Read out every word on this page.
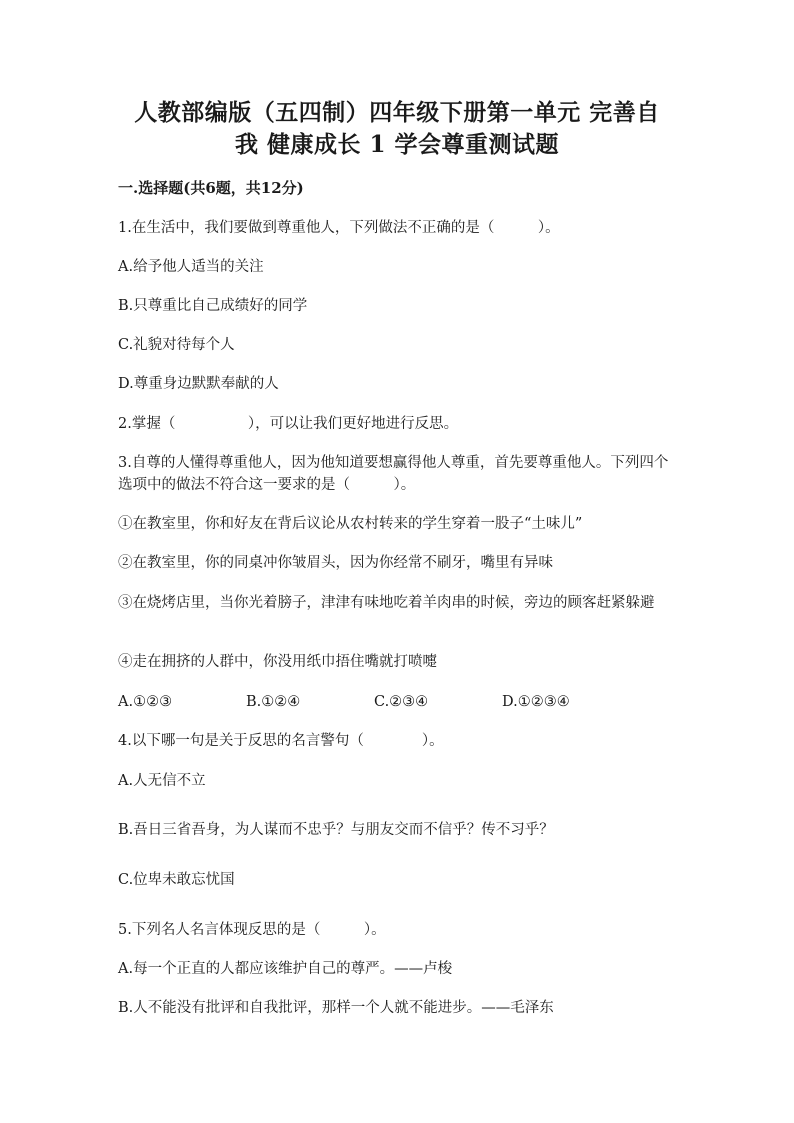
人教部编版（五四制）四年级下册第一单元 完善自
我 健康成长 1 学会尊重测试题
一.选择题(共6题，共12分)
1.在生活中，我们要做到尊重他人，下列做法不正确的是（　　　）。
A.给予他人适当的关注
B.只尊重比自己成绩好的同学
C.礼貌对待每个人
D.尊重身边默默奉献的人
2.掌握（　　　　　），可以让我们更好地进行反思。
3.自尊的人懂得尊重他人，因为他知道要想赢得他人尊重，首先要尊重他人。下列四个选项中的做法不符合这一要求的是（　　　）。
①在教室里，你和好友在背后议论从农村转来的学生穿着一股子“土味儿”
②在教室里，你的同桌冲你皱眉头，因为你经常不刷牙，嘴里有异味
③在烧烤店里，当你光着膀子，津津有味地吃着羊肉串的时候，旁边的顾客赶紧躲避
④走在拥挤的人群中，你没用纸巾捂住嘴就打喷嚏
A.①②③	B.①②④	C.②③④	D.①②③④
4.以下哪一句是关于反思的名言警句（　　　　）。
A.人无信不立
B.吾日三省吾身，为人谋而不忠乎？与朋友交而不信乎？传不习乎？
C.位卑未敢忘忧国
5.下列名人名言体现反思的是（　　　）。
A.每一个正直的人都应该维护自己的尊严。——卢梭
B.人不能没有批评和自我批评，那样一个人就不能进步。——毛泽东
